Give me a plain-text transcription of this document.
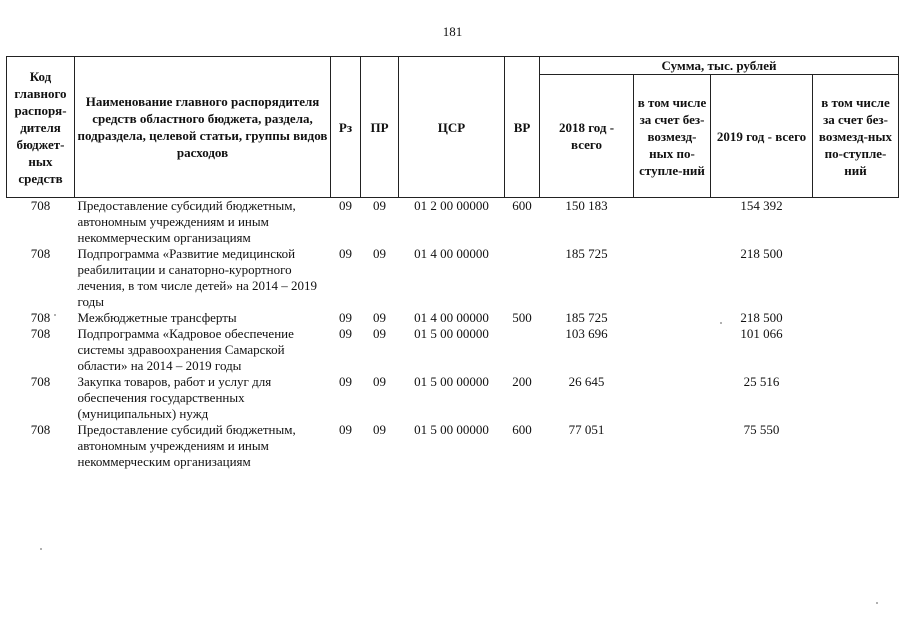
181
Код главного распоря-дителя бюджет-ных средств	Наименование главного распорядителя средств областного бюджета, раздела, подраздела, целевой статьи, группы видов расходов	Рз	ПР	ЦСР	ВР	Сумма, тыс. рублей			
						2018 год - всего	в том числе за счет без-возмезд-ных по-ступле-ний	2019 год - всего	в том числе за счет без-возмезд-ных по-ступле-ний
708	Предоставление субсидий бюджетным, автономным учреждениям и иным некоммерческим организациям	09	09	01 2 00 00000	600	150 183		154 392	
708	Подпрограмма «Развитие медицинской реабилитации и санаторно-курортного лечения, в том числе детей» на 2014 – 2019 годы	09	09	01 4 00 00000		185 725		218 500	
708	Межбюджетные трансферты	09	09	01 4 00 00000	500	185 725		218 500	
708	Подпрограмма «Кадровое обеспечение системы здравоохранения Самарской области» на 2014 – 2019 годы	09	09	01 5 00 00000		103 696		101 066	
708	Закупка товаров, работ и услуг для обеспечения государственных (муниципальных) нужд	09	09	01 5 00 00000	200	26 645		25 516	
708	Предоставление субсидий бюджетным, автономным учреждениям и иным некоммерческим организациям	09	09	01 5 00 00000	600	77 051		75 550	
